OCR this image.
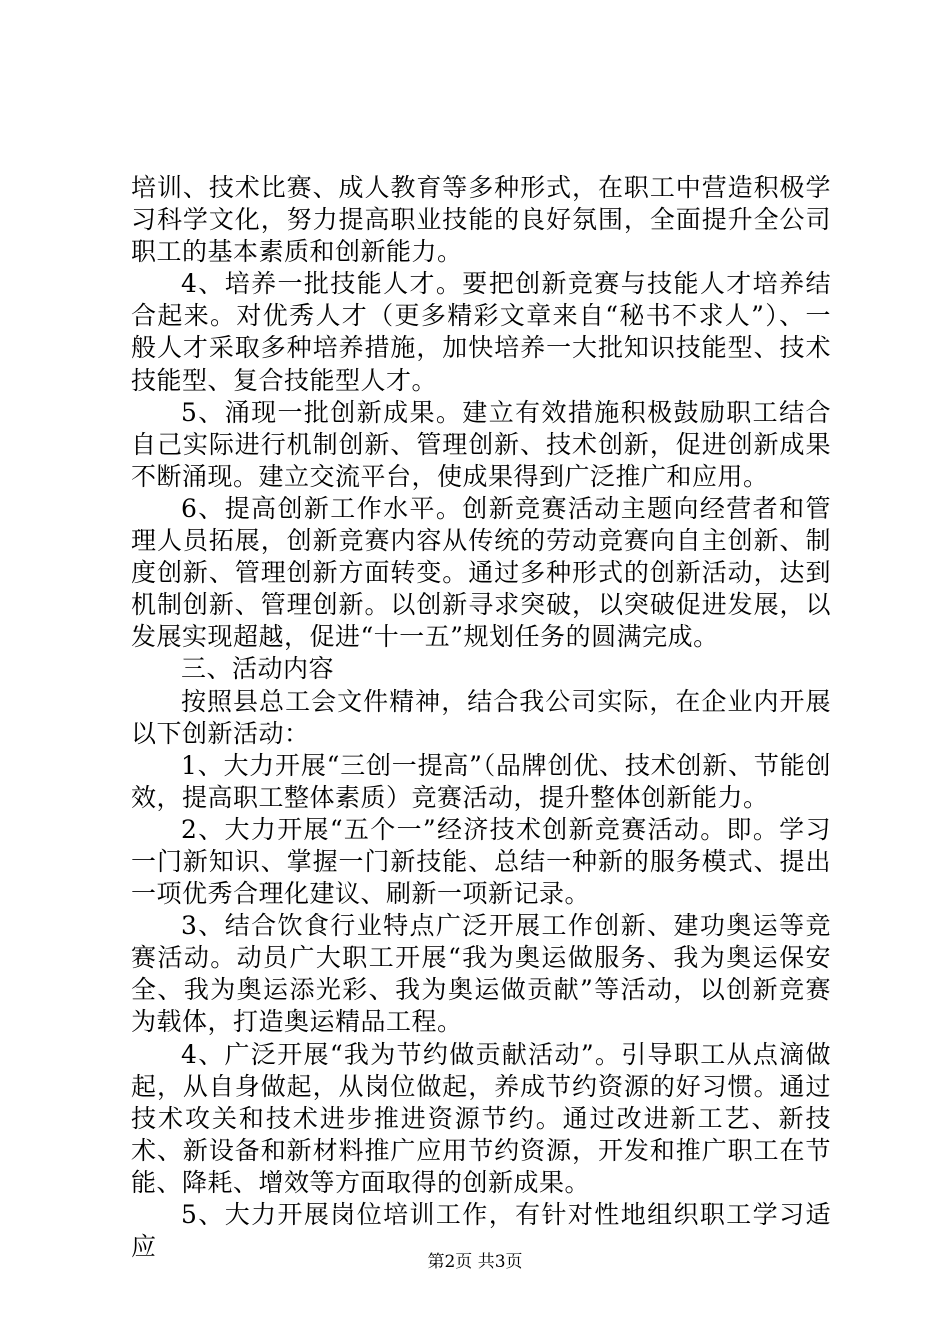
培训、技术比赛、成人教育等多种形式，在职工中营造积极学习科学文化，努力提高职业技能的良好氛围，全面提升全公司职工的基本素质和创新能力。

4、培养一批技能人才。要把创新竞赛与技能人才培养结合起来。对优秀人才（更多精彩文章来自“秘书不求人”）、一般人才采取多种培养措施，加快培养一大批知识技能型、技术技能型、复合技能型人才。

5、涌现一批创新成果。建立有效措施积极鼓励职工结合自己实际进行机制创新、管理创新、技术创新，促进创新成果不断涌现。建立交流平台，使成果得到广泛推广和应用。

6、提高创新工作水平。创新竞赛活动主题向经营者和管理人员拓展，创新竞赛内容从传统的劳动竞赛向自主创新、制度创新、管理创新方面转变。通过多种形式的创新活动，达到机制创新、管理创新。以创新寻求突破，以突破促进发展，以发展实现超越，促进“十一五”规划任务的圆满完成。

三、活动内容

按照县总工会文件精神，结合我公司实际，在企业内开展以下创新活动：

1、大力开展“三创一提高”（品牌创优、技术创新、节能创效，提高职工整体素质）竞赛活动，提升整体创新能力。

2、大力开展“五个一”经济技术创新竞赛活动。即。学习一门新知识、掌握一门新技能、总结一种新的服务模式、提出一项优秀合理化建议、刷新一项新记录。

3、结合饮食行业特点广泛开展工作创新、建功奥运等竞赛活动。动员广大职工开展“我为奥运做服务、我为奥运保安全、我为奥运添光彩、我为奥运做贡献”等活动，以创新竞赛为载体，打造奥运精品工程。

4、广泛开展“我为节约做贡献活动”。引导职工从点滴做起，从自身做起，从岗位做起，养成节约资源的好习惯。通过技术攻关和技术进步推进资源节约。通过改进新工艺、新技术、新设备和新材料推广应用节约资源，开发和推广职工在节能、降耗、增效等方面取得的创新成果。

5、大力开展岗位培训工作，有针对性地组织职工学习适应

第2页 共3页
